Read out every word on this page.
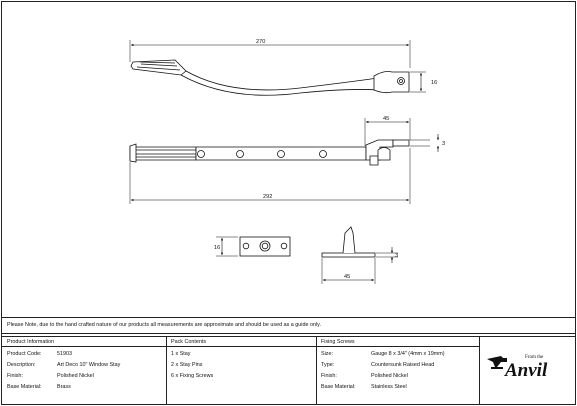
270
16
45
3
292
16
3
45
Please Note, due to the hand crafted nature of our products all measurements are approximate and should be used as a guide only.
Product Information
Product Code:	51903
Description:	Art Deco 10" Window Stay
Finish:	Polished Nickel
Base Material:	Brass
Pack Contents
1 x Stay
2 x Stay Pins
6 x Fixing Screws
Fixing Screws
Size:	Gauge 8 x 3/4" (4mm x 19mm)
Type:	Countersunk Raised Head
Finish:	Polished Nickel
Base Material:	Stainless Steel
From the
Anvil
